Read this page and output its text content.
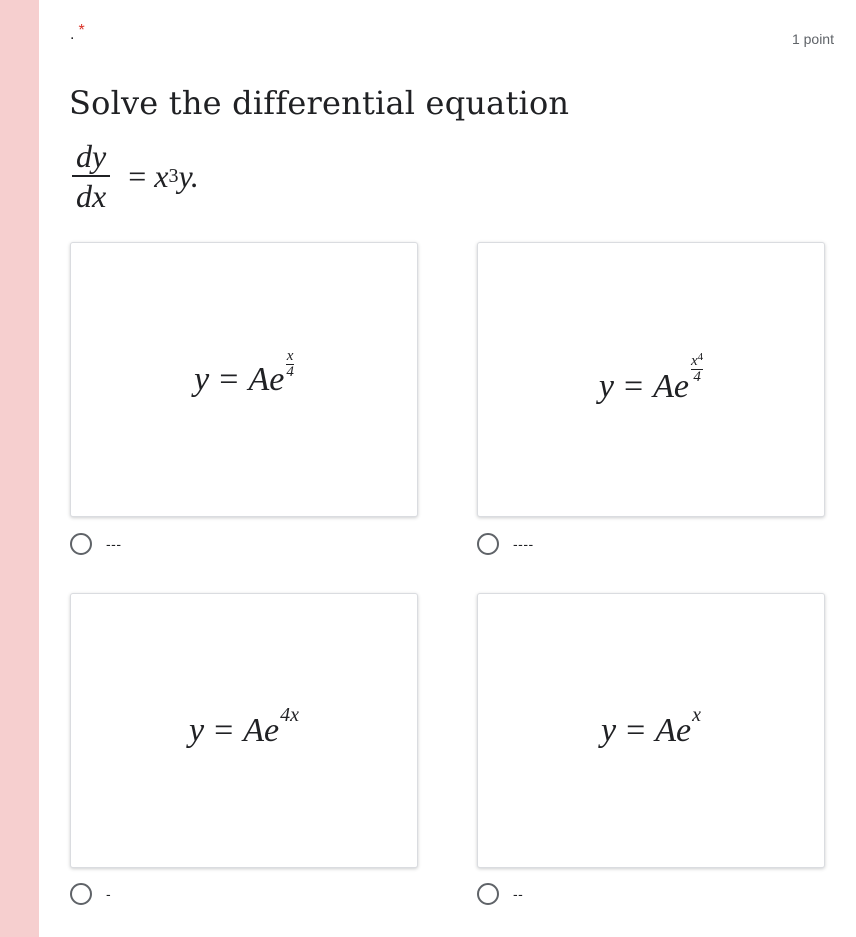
. *	1 point
Solve the differential equation
$\frac{dy}{dx} = x$ 3 y.
y = Ae $\frac{x}{4}$
---
y = Ae
$\frac{x^4}{4}$
----
y = Ae 4x
-
y = Ae x
--
